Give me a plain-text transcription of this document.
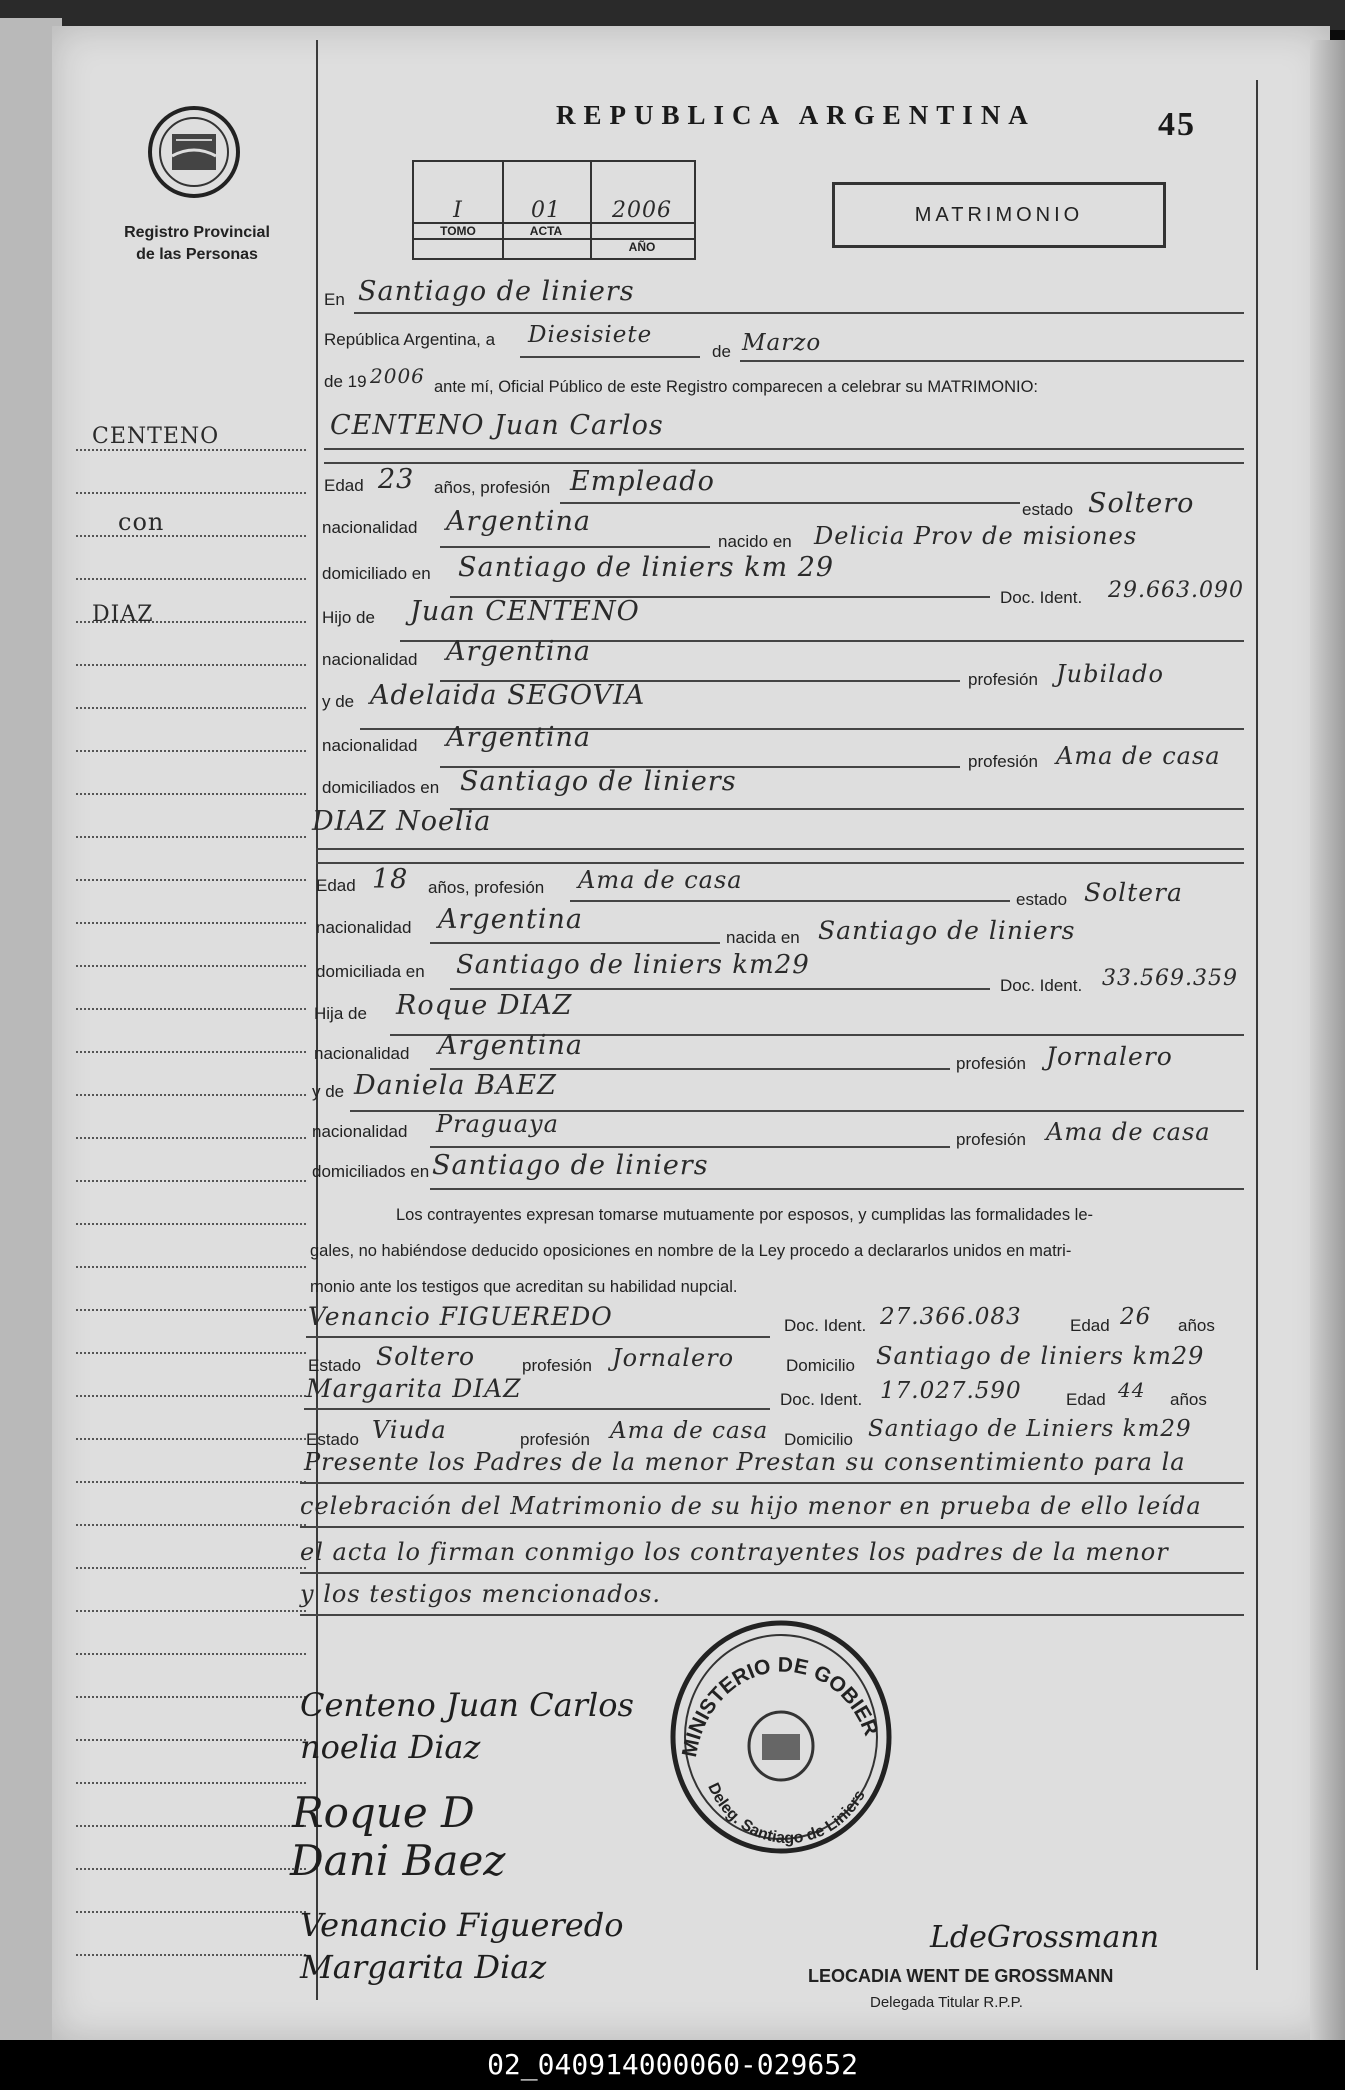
Registro Provincial
de las Personas
REPUBLICA ARGENTINA	45
I	01	2006
TOMO	ACTA
AÑO
MATRIMONIO
CENTENO
con
DIAZ
En Santiago de liniers
República Argentina, a Diesisiete
de Marzo
de 19 2006 ante mí, Oficial Público de este Registro comparecen a celebrar su MATRIMONIO:
CENTENO Juan Carlos
Edad 23 años, profesión Empleado
estado Soltero
nacionalidad Argentina
nacido en Delicia Prov de misiones
domiciliado en Santiago de liniers km 29
Doc. Ident. 29.663.090
Hijo de Juan CENTENO
nacionalidad Argentina
profesión Jubilado
y de Adelaida SEGOVIA
nacionalidad Argentina
profesión Ama de casa
domiciliados en Santiago de liniers
DIAZ Noelia
Edad 18 años, profesión Ama de casa
estado Soltera
nacionalidad Argentina
nacida en Santiago de liniers
domiciliada en Santiago de liniers km29
Doc. Ident. 33.569.359
Hija de Roque DIAZ
nacionalidad Argentina
profesión Jornalero
y de Daniela BAEZ
nacionalidad Praguaya
profesión Ama de casa
domiciliados en Santiago de liniers
Los contrayentes expresan tomarse mutuamente por esposos, y cumplidas las formalidades le-
gales, no habiéndose deducido oposiciones en nombre de la Ley procedo a declararlos unidos en matri-
monio ante los testigos que acreditan su habilidad nupcial.
Venancio FIGUEREDO	Doc. Ident. 27.366.083	Edad 26 años
Estado Soltero	profesión Jornalero	Domicilio Santiago de liniers km29
Margarita DIAZ	Doc. Ident. 17.027.590	Edad 44 años
Estado Viuda	profesión Ama de casa Domicilio Santiago de Liniers km29
Presente los Padres de la menor Prestan su consentimiento para la
celebración del Matrimonio de su hijo menor en prueba de ello leída
el acta lo firman conmigo los contrayentes los padres de la menor
y los testigos mencionados.
Centeno Juan Carlos
noelia Diaz
Roque D
Dani Baez
Venancio Figueredo
Margarita Diaz
MINISTERIO DE GOBIER
Deleg. Santiago de Liniers
LdeGrossmann
LEOCADIA WENT DE GROSSMANN
Delegada Titular R.P.P.
02_040914000060-029652
